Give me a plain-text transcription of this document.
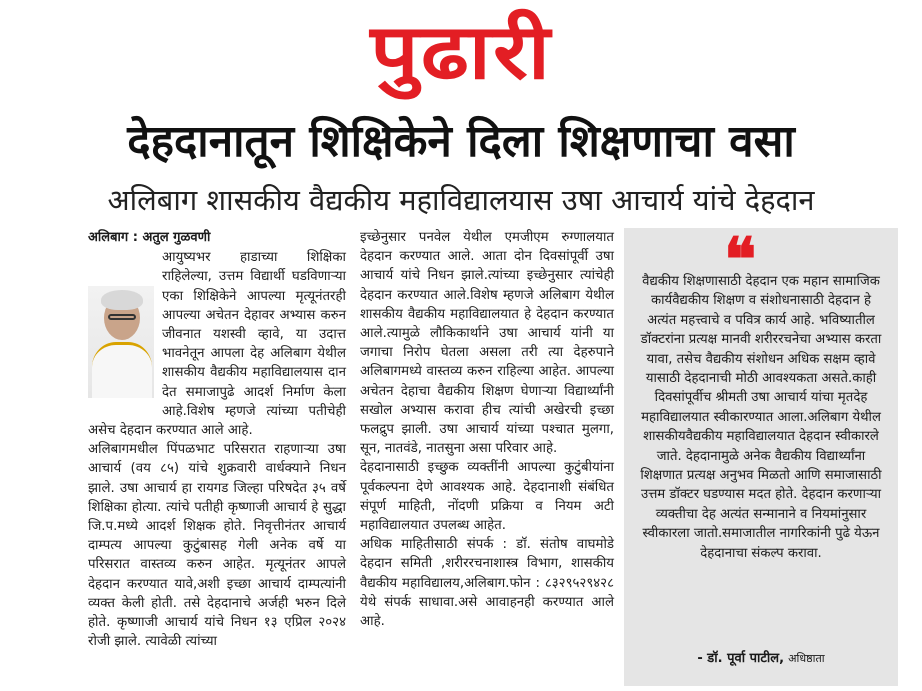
पुढारी
देहदानातून शिक्षिकेने दिला शिक्षणाचा वसा
अलिबाग शासकीय वैद्यकीय महाविद्यालयास उषा आचार्य यांचे देहदान

अलिबाग : अतुल गुळवणी

आयुष्यभर हाडाच्या शिक्षिका राहिलेल्या, उत्तम विद्यार्थी घडविणाऱ्या एका शिक्षिकेने आपल्या मृत्यूनंतरही आपल्या अचेतन देहावर अभ्यास करुन जीवनात यशस्वी व्हावे, या उदात्त भावनेतून आपला देह अलिबाग येथील शासकीय वैद्यकीय महाविद्यालयास दान देत समाजापुढे आदर्श निर्माण केला आहे.विशेष म्हणजे त्यांच्या पतीचेही असेच देहदान करण्यात आले आहे.

अलिबागमधील पिंपळभाट परिसरात राहणाऱ्या उषा आचार्य (वय ८५) यांचे शुक्रवारी वार्धक्याने निधन झाले. उषा आचार्य हा रायगड जिल्हा परिषदेत ३५ वर्षे शिक्षिका होत्या. त्यांचे पतीही कृष्णाजी आचार्य हे सुद्धा जि.प.मध्ये आदर्श शिक्षक होते. निवृत्तीनंतर आचार्य दाम्पत्य आपल्या कुटुंबासह गेली अनेक वर्षे या परिसरात वास्तव्य करुन आहेत. मृत्यूनंतर आपले देहदान करण्यात यावे,अशी इच्छा आचार्य दाम्पत्यांनी व्यक्त केली होती. तसे देहदानाचे अर्जही भरुन दिले होते. कृष्णाजी आचार्य यांचे निधन १३ एप्रिल २०२४ रोजी झाले. त्यावेळी त्यांच्या

इच्छेनुसार पनवेल येथील एमजीएम रुग्णालयात देहदान करण्यात आले. आता दोन दिवसांपूर्वी उषा आचार्य यांचे निधन झाले.त्यांच्या इच्छेनुसार त्यांचेही देहदान करण्यात आले.विशेष म्हणजे अलिबाग येथील शासकीय वैद्यकीय महाविद्यालयात हे देहदान करण्यात आले.त्यामुळे लौकिकार्थाने उषा आचार्य यांनी या जगाचा निरोप घेतला असला तरी त्या देहरुपाने अलिबागमध्ये वास्तव्य करुन राहिल्या आहेत. आपल्या अचेतन देहाचा वैद्यकीय शिक्षण घेणाऱ्या विद्यार्थ्यांनी सखोल अभ्यास करावा हीच त्यांची अखेरची इच्छा फलद्रुप झाली. उषा आचार्य यांच्या पश्चात मुलगा, सून, नातवंडे, नातसुना असा परिवार आहे.

देहदानासाठी इच्छुक व्यक्तींनी आपल्या कुटुंबीयांना पूर्वकल्पना देणे आवश्यक आहे. देहदानाशी संबंधित संपूर्ण माहिती, नोंदणी प्रक्रिया व नियम अटी महाविद्यालयात उपलब्ध आहेत.

अधिक माहितीसाठी संपर्क : डॉ. संतोष वाघमोडे देहदान समिती ,शरीररचनाशास्त्र विभाग, शासकीय वैद्यकीय महाविद्यालय,अलिबाग.फोन : ८३२९५२९४२८ येथे संपर्क साधावा.असे आवाहनही करण्यात आले आहे.

❝

वैद्यकीय शिक्षणासाठी देहदान एक महान सामाजिक कार्यवैद्यकीय शिक्षण व संशोधनासाठी देहदान हे अत्यंत महत्त्वाचे व पवित्र कार्य आहे. भविष्यातील डॉक्टरांना प्रत्यक्ष मानवी शरीररचनेचा अभ्यास करता यावा, तसेच वैद्यकीय संशोधन अधिक सक्षम व्हावे यासाठी देहदानाची मोठी आवश्यकता असते.काही दिवसांपूर्वीच श्रीमती उषा आचार्य यांचा मृतदेह महाविद्यालयात स्वीकारण्यात आला.अलिबाग येथील शासकीयवैद्यकीय महाविद्यालयात देहदान स्वीकारले जाते. देहदानामुळे अनेक वैद्यकीय विद्यार्थ्यांना शिक्षणात प्रत्यक्ष अनुभव मिळतो आणि समाजासाठी उत्तम डॉक्टर घडण्यास मदत होते. देहदान करणाऱ्या व्यक्तीचा देह अत्यंत सन्मानाने व नियमांनुसार स्वीकारला जातो.समाजातील नागरिकांनी पुढे येऊन देहदानाचा संकल्प करावा.

- डॉ. पूर्वा पाटील, अधिष्ठाता
